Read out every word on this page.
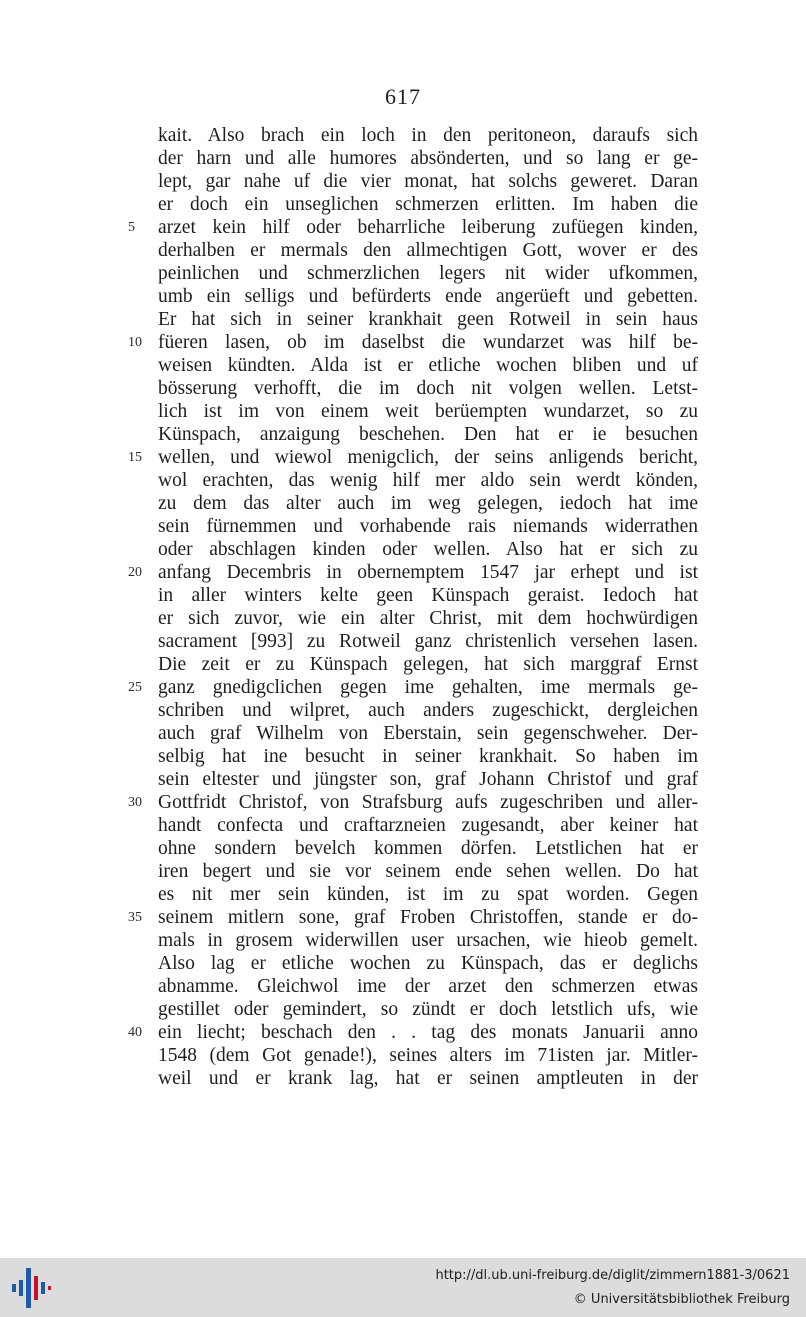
617
kait. Also brach ein loch in den peritoneon, daraufs sich
der harn und alle humores absönderten, und so lang er ge-
lept, gar nahe uf die vier monat, hat solchs gewеret. Daran
er doch ein unseglichen schmerzen erlitten. Im haben die
5	arzet kein hilf oder beharrliche leiberung zufüegen kinden,
derhalben er mermals den allmechtigen Gott, wover er des
peinlichen und schmerzlichen legers nit wider ufkommen,
umb ein selligs und befürderts ende angerüeft und gebetten.
Er hat sich in seiner krankhait geen Rotweil in sein haus
10 füeren lasen, ob im daselbst die wundarzet was hilf be-
weisen kündten. Alda ist er etliche wochen bliben und uf
bösserung verhofft, die im doch nit volgen wellen. Letst-
lich ist im von einem weit berüempten wundarzet, so zu
Künspach, anzaigung beschehen. Den hat er ie besuchen
15 wellen, und wiewol menigclich, der seins anligends bericht,
wol erachten, das wenig hilf mer aldo sein werdt könden,
zu dem das alter auch im weg gelegen, iedoch hat ime
sein fürnemmen und vorhabende rais niemands widerrathen
oder abschlagen kinden oder wellen. Also hat er sich zu
20 anfang Decembris in obernemptem 1547 jar erhept und ist
in aller winters kelte geen Künspach geraist. Iedoch hat
er sich zuvor, wie ein alter Christ, mit dem hochwürdigen
sacrament [993] zu Rotweil ganz christenlich versehen lasen.
Die zeit er zu Künspach gelegen, hat sich marggraf Ernst
25 ganz gnedigclichen gegen ime gehalten, ime mermals ge-
schriben und wilpret, auch anders zugeschickt, dergleichen
auch graf Wilhelm von Eberstain, sein gegenschweher. Der-
selbig hat ine besucht in seiner krankhait. So haben im
sein eltester und jüngster son, graf Johann Christof und graf
30 Gottfridt Christof, von Strafsburg aufs zugeschriben und aller-
handt confecta und craftarzneien zugesandt, aber keiner hat
ohne sondern bevelch kommen dörfen. Letstlichen hat er
iren begert und sie vor seinem ende sehen wellen. Do hat
es nit mer sein künden, ist im zu spat worden. Gegen
35 seinem mitlern sone, graf Froben Christoffen, stande er do-
mals in grosem widerwillen user ursachen, wie hieob gemelt.
Also lag er etliche wochen zu Künspach, das er deglichs
abnamme. Gleichwol ime der arzet den schmerzen etwas
gestillet oder gemindert, so zündt er doch letstlich ufs, wie
40 ein liecht; beschach den . . tag des monats Januarii anno
1548 (dem Got genade!), seines alters im 71isten jar. Mitler-
weil und er krank lag, hat er seinen amptleuten in der
http://dl.ub.uni-freiburg.de/diglit/zimmern1881-3/0621
© Universitätsbibliothek Freiburg
